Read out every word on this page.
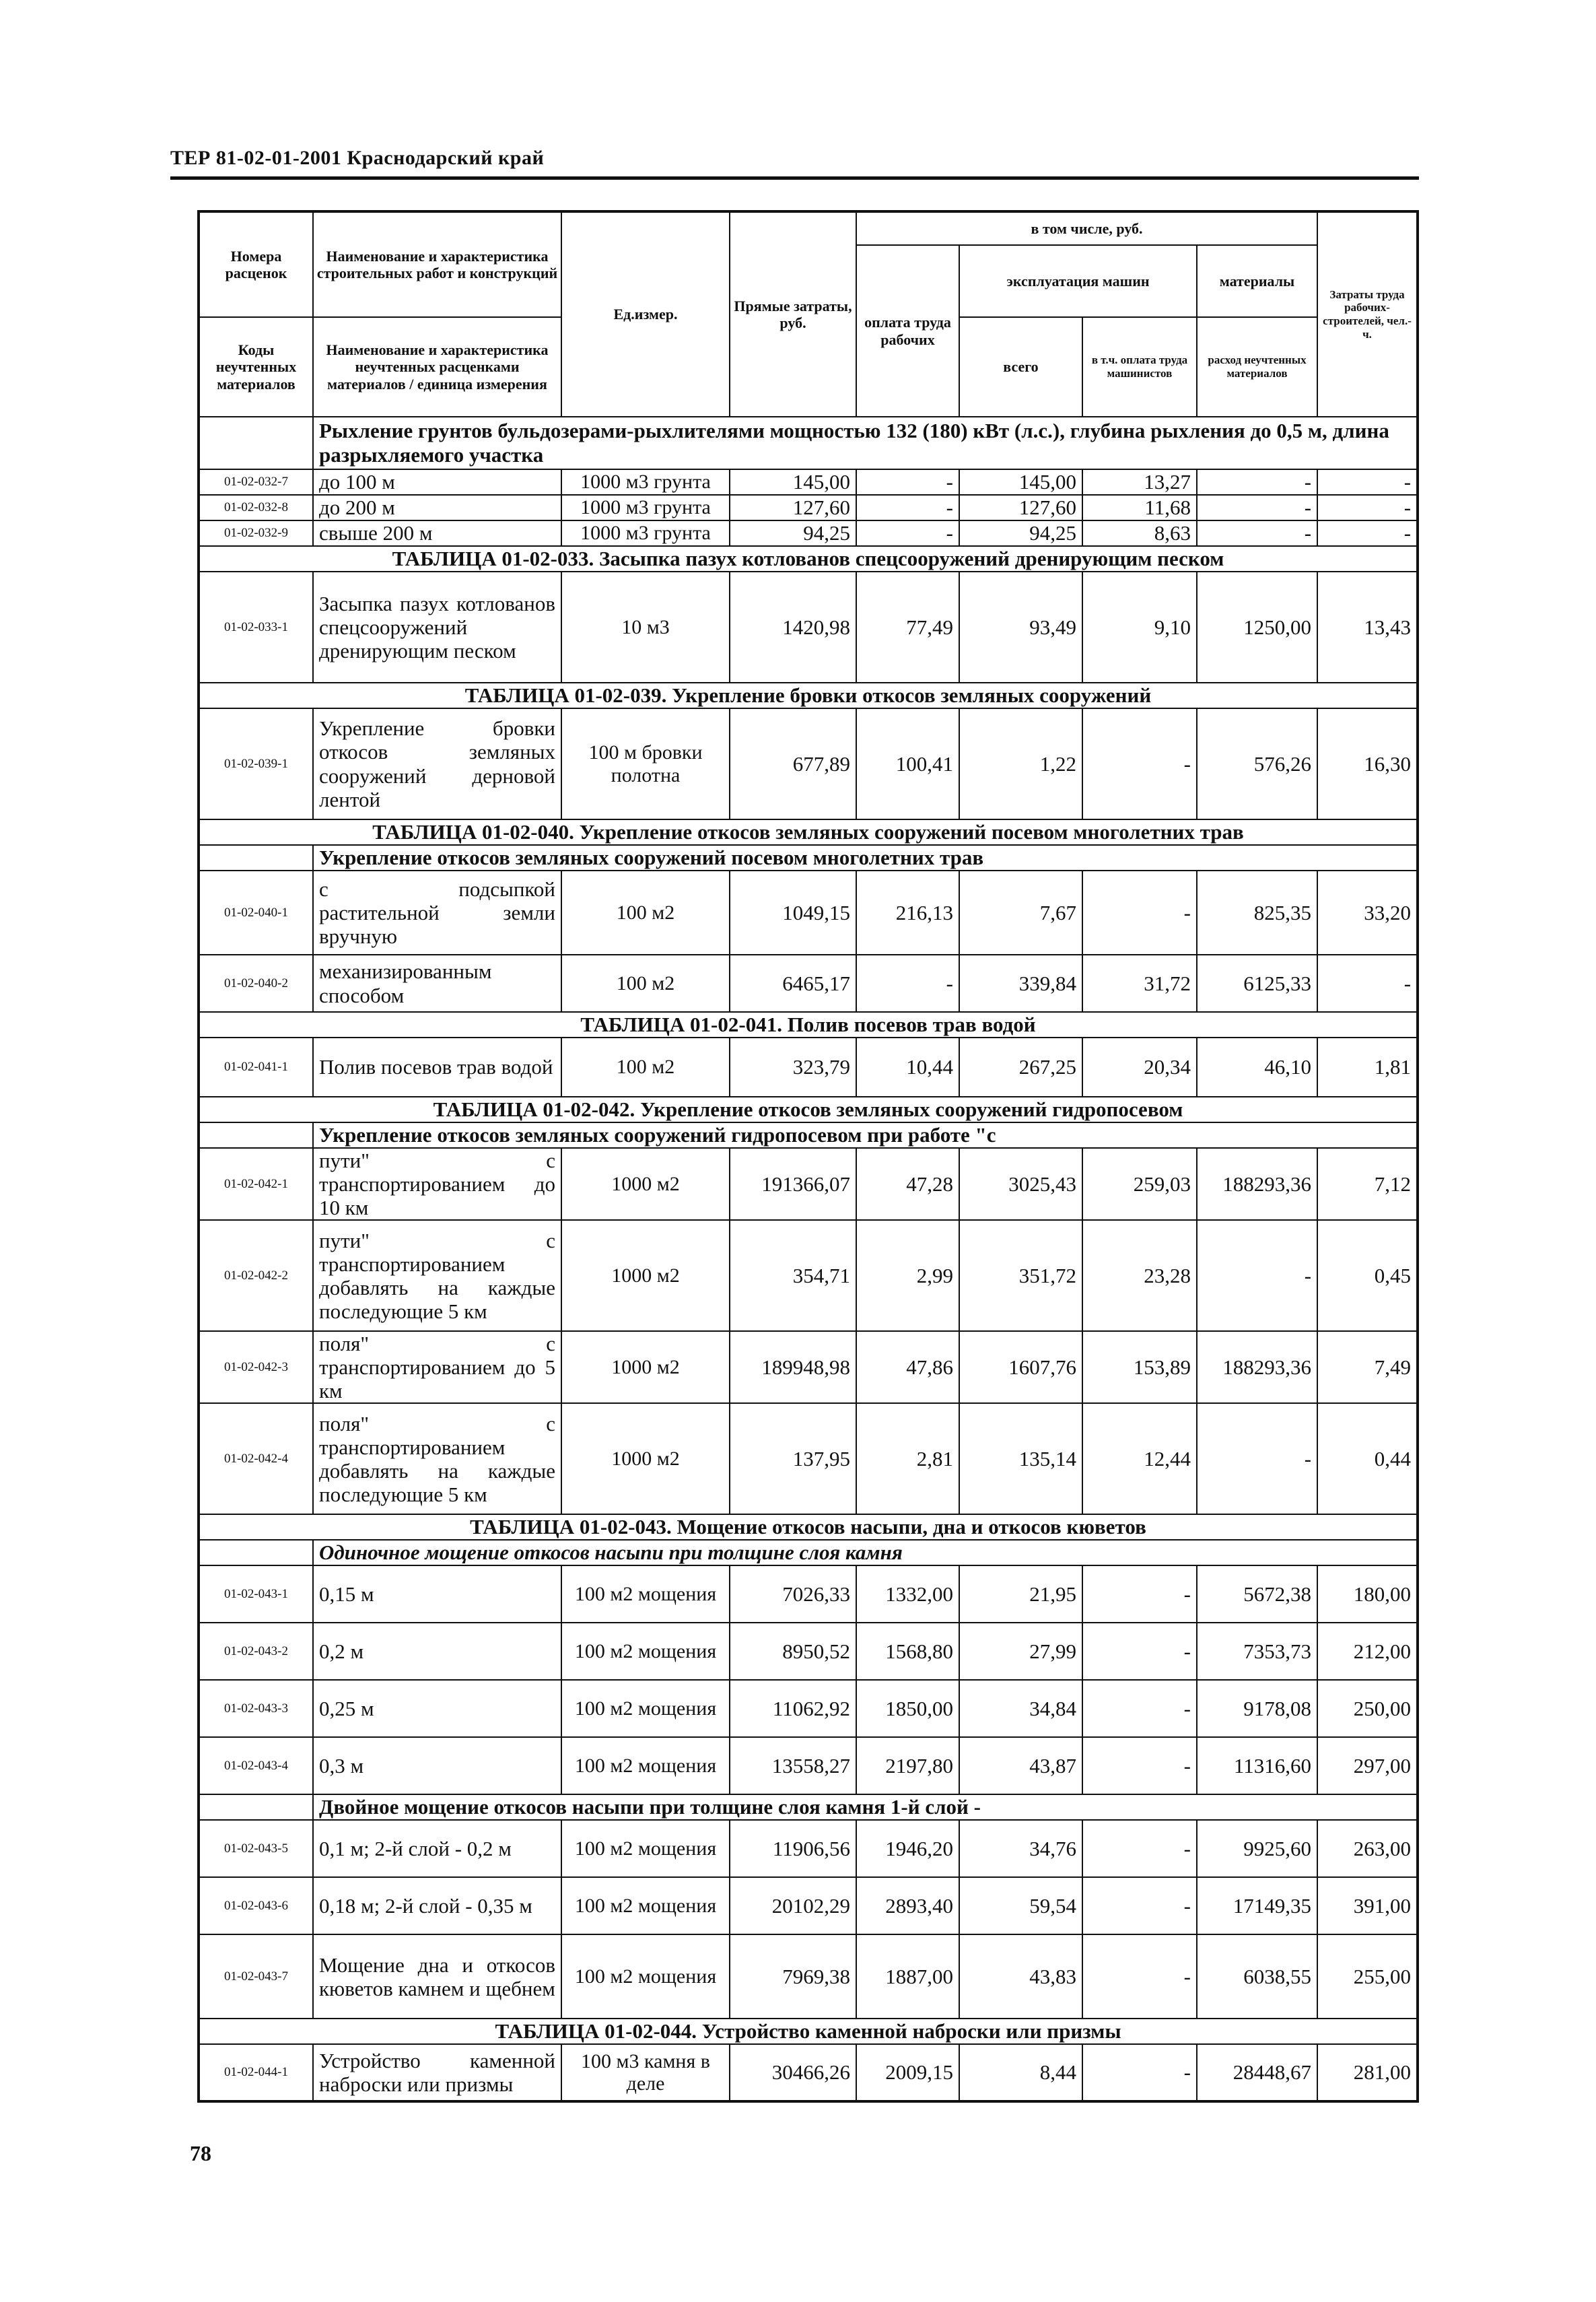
ТЕР 81-02-01-2001 Краснодарский край
Номера расценок	Наименование и характеристика строительных работ и конструкций	Ед.измер.	Прямые затраты, руб.	в том числе, руб.				Затраты труда рабочих-строителей, чел.-ч.
				оплата труда рабочих	эксплуатация машин		материалы	
Коды неучтенных материалов	Наименование и характеристика неучтенных расценками материалов / единица измерения				всего	в т.ч. оплата труда машинистов	расход неучтенных материалов	

	Рыхление грунтов бульдозерами-рыхлителями мощностью 132 (180) кВт (л.с.), глубина рыхления до 0,5 м, длина разрыхляемого участка							
01-02-032-7	до 100 м	1000 м3 грунта	145,00	-	145,00	13,27	-	-
01-02-032-8	до 200 м	1000 м3 грунта	127,60	-	127,60	11,68	-	-
01-02-032-9	свыше 200 м	1000 м3 грунта	94,25	-	94,25	8,63	-	-
ТАБЛИЦА 01-02-033. Засыпка пазух котлованов спецсооружений дренирующим песком								
01-02-033-1	Засыпка пазух котлованов спецсооружений дренирующим песком	10 м3	1420,98	77,49	93,49	9,10	1250,00	13,43
ТАБЛИЦА 01-02-039. Укрепление бровки откосов земляных сооружений								
01-02-039-1	Укрепление бровки откосов земляных сооружений дерновой лентой	100 м бровки полотна	677,89	100,41	1,22	-	576,26	16,30
ТАБЛИЦА 01-02-040. Укрепление откосов земляных сооружений посевом многолетних трав								
	Укрепление откосов земляных сооружений посевом многолетних трав							
01-02-040-1	с подсыпкой растительной земли вручную	100 м2	1049,15	216,13	7,67	-	825,35	33,20
01-02-040-2	механизированным способом	100 м2	6465,17	-	339,84	31,72	6125,33	-
ТАБЛИЦА 01-02-041. Полив посевов трав водой								
01-02-041-1	Полив посевов трав водой	100 м2	323,79	10,44	267,25	20,34	46,10	1,81
ТАБЛИЦА 01-02-042. Укрепление откосов земляных сооружений гидропосевом								
	Укрепление откосов земляных сооружений гидропосевом при работе "с							
01-02-042-1	пути" с транспортированием до 10 км	1000 м2	191366,07	47,28	3025,43	259,03	188293,36	7,12
01-02-042-2	пути" с транспортированием добавлять на каждые последующие 5 км	1000 м2	354,71	2,99	351,72	23,28	-	0,45
01-02-042-3	поля" с транспортированием до 5 км	1000 м2	189948,98	47,86	1607,76	153,89	188293,36	7,49
01-02-042-4	поля" с транспортированием добавлять на каждые последующие 5 км	1000 м2	137,95	2,81	135,14	12,44	-	0,44
ТАБЛИЦА 01-02-043. Мощение откосов насыпи, дна и откосов кюветов								
	Одиночное мощение откосов насыпи при толщине слоя камня							
01-02-043-1	0,15 м	100 м2 мощения	7026,33	1332,00	21,95	-	5672,38	180,00
01-02-043-2	0,2 м	100 м2 мощения	8950,52	1568,80	27,99	-	7353,73	212,00
01-02-043-3	0,25 м	100 м2 мощения	11062,92	1850,00	34,84	-	9178,08	250,00
01-02-043-4	0,3 м	100 м2 мощения	13558,27	2197,80	43,87	-	11316,60	297,00
	Двойное мощение откосов насыпи при толщине слоя камня 1-й слой -							
01-02-043-5	0,1 м; 2-й слой - 0,2 м	100 м2 мощения	11906,56	1946,20	34,76	-	9925,60	263,00
01-02-043-6	0,18 м; 2-й слой - 0,35 м	100 м2 мощения	20102,29	2893,40	59,54	-	17149,35	391,00
01-02-043-7	Мощение дна и откосов кюветов камнем и щебнем	100 м2 мощения	7969,38	1887,00	43,83	-	6038,55	255,00
ТАБЛИЦА 01-02-044. Устройство каменной наброски или призмы								
01-02-044-1	Устройство каменной наброски или призмы	100 м3 камня в деле	30466,26	2009,15	8,44	-	28448,67	281,00
78
